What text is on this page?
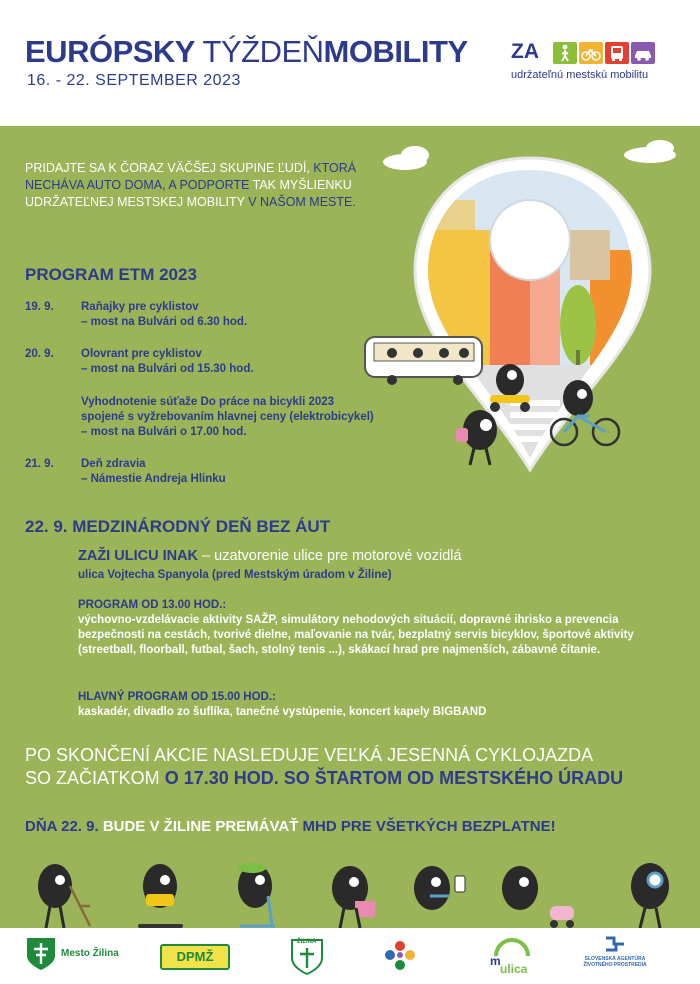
EURÓPSKY TÝŽDEŇMOBILITY
16. - 22. SEPTEMBER 2023
ZA
udržateľnú mestskú mobilitu
PRIDAJTE SA K ČORAZ VÄČŠEJ SKUPINE ĽUDÍ, KTORÁ NECHÁVA AUTO DOMA, A PODPORTE TAK MYŠLIENKU UDRŽATEĽNEJ MESTSKEJ MOBILITY V NAŠOM MESTE.
PROGRAM ETM 2023
19. 9.	Raňajky pre cyklistov
– most na Bulvári od 6.30 hod.
20. 9.	Olovrant pre cyklistov
– most na Bulvári od 15.30 hod.
Vyhodnotenie súťaže Do práce na bicykli 2023
spojené s vyžrebovaním hlavnej ceny (elektrobicykel)
– most na Bulvári o 17.00 hod.
21. 9.	Deň zdravia
– Námestie Andreja Hlinku
22. 9. MEDZINÁRODNÝ DEŇ BEZ ÁUT
ZAŽI ULICU INAK – uzatvorenie ulice pre motorové vozidlá
ulica Vojtecha Spanyola (pred Mestským úradom v Žiline)
PROGRAM OD 13.00 HOD.:
výchovno-vzdelávacie aktivity SAŽP, simulátory nehodových situácií, dopravné ihrisko a prevencia bezpečnosti na cestách, tvorivé dielne, maľovanie na tvár, bezplatný servis bicyklov, športové aktivity (streetball, floorball, futbal, šach, stolný tenis ...), skákací hrad pre najmenších, zábavné čítanie.
HLAVNÝ PROGRAM OD 15.00 HOD.:
kaskadér, divadlo zo šuflíka, tanečné vystúpenie, koncert kapely BIGBAND
PO SKONČENÍ AKCIE NASLEDUJE VEĽKÁ JESENNÁ CYKLOJAZDA
SO ZAČIATKOM O 17.30 HOD. SO ŠTARTOM OD MESTSKÉHO ÚRADU
DŇA 22. 9. BUDE V ŽILINE PREMÁVAŤ MHD PRE VŠETKÝCH BEZPLATNE!
Mesto Žilina	DPMŽ
ŽILINA
m
ulica
SLOVENSKÁ AGENTÚRA ŽIVOTNÉHO PROSTREDIA
